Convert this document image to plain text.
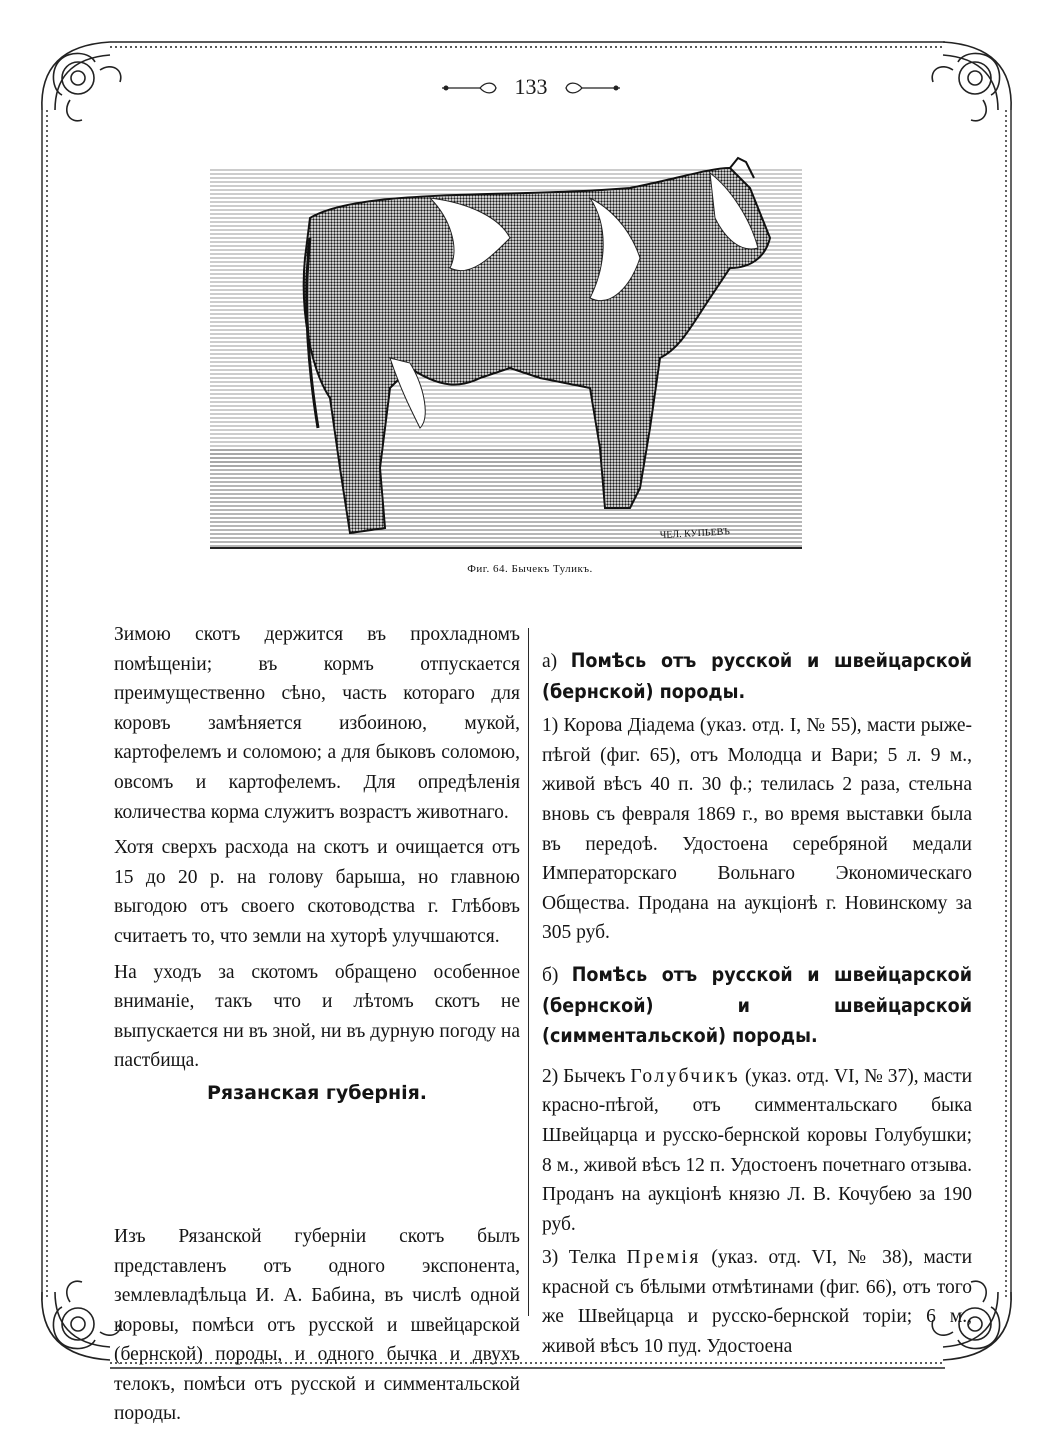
133
ЧЕЛ. КУПЬЕВЪ
Фиг. 64. Бычекъ Туликъ.

Зимою скотъ держится въ прохладномъ помѣщеніи; въ кормъ отпускается преимущественно сѣно, часть котораго для коровъ замѣняется избоиною, мукой, картофелемъ и соломою; а для быковъ соломою, овсомъ и картофелемъ. Для опредѣленія количества корма служитъ возрастъ животнаго.

Хотя сверхъ расхода на скотъ и очищается отъ 15 до 20 р. на голову барыша, но главною выгодою отъ своего скотоводства г. Глѣбовъ считаетъ то, что земли на хуторѣ улучшаются.

На уходъ за скотомъ обращено особенное вниманіе, такъ что и лѣтомъ скотъ не выпускается ни въ зной, ни въ дурную погоду на пастбища.

Изъ Рязанской губерніи скотъ былъ представленъ отъ одного экспонента, землевладѣльца И. А. Бабина, въ числѣ одной коровы, помѣси отъ русской и швейцарской (бернской) породы, и одного бычка и двухъ телокъ, помѣси отъ русской и симментальской породы.

Рязанская губернія.

а) Помѣсь отъ русской и швейцарской (бернской) породы.

1) Корова Діадема (указ. отд. I, № 55), масти рыже-пѣгой (фиг. 65), отъ Молодца и Вари; 5 л. 9 м., живой вѣсъ 40 п. 30 ф.; телилась 2 раза, стельна вновь съ февраля 1869 г., во время выставки была въ передоѣ. Удостоена серебряной медали Императорскаго Вольнаго Экономическаго Общества. Продана на аукціонѣ г. Новинскому за 305 руб.

б) Помѣсь отъ русской и швейцарской (бернской) и швейцарской (симментальской) породы.

2) Бычекъ Голубчикъ (указ. отд. VI, № 37), масти красно-пѣгой, отъ симментальскаго быка Швейцарца и русско-бернской коровы Голубушки; 8 м., живой вѣсъ 12 п. Удостоенъ почетнаго отзыва. Проданъ на аукціонѣ князю Л. В. Кочубею за 190 руб.

3) Телка Премія (указ. отд. VI, № 38), масти красной съ бѣлыми отмѣтинами (фиг. 66), отъ того же Швейцарца и русско-бернской торіи; 6 м., живой вѣсъ 10 пуд. Удостоена
